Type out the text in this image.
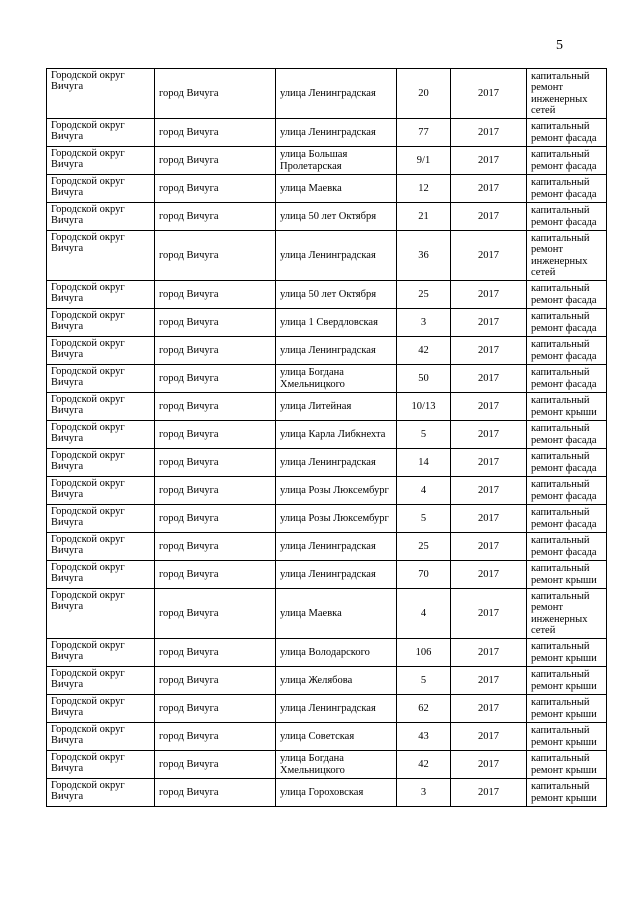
5
Городской округ Вичуга	город Вичуга	улица Ленинградская	20	2017	капитальный ремонт инженерных сетей
Городской округ Вичуга	город Вичуга	улица Ленинградская	77	2017	капитальный ремонт фасада
Городской округ Вичуга	город Вичуга	улица Большая Пролетарская	9/1	2017	капитальный ремонт фасада
Городской округ Вичуга	город Вичуга	улица Маевка	12	2017	капитальный ремонт фасада
Городской округ Вичуга	город Вичуга	улица 50 лет Октября	21	2017	капитальный ремонт фасада
Городской округ Вичуга	город Вичуга	улица Ленинградская	36	2017	капитальный ремонт инженерных сетей
Городской округ Вичуга	город Вичуга	улица 50 лет Октября	25	2017	капитальный ремонт фасада
Городской округ Вичуга	город Вичуга	улица 1 Свердловская	3	2017	капитальный ремонт фасада
Городской округ Вичуга	город Вичуга	улица Ленинградская	42	2017	капитальный ремонт фасада
Городской округ Вичуга	город Вичуга	улица Богдана Хмельницкого	50	2017	капитальный ремонт фасада
Городской округ Вичуга	город Вичуга	улица Литейная	10/13	2017	капитальный ремонт крыши
Городской округ Вичуга	город Вичуга	улица Карла Либкнехта	5	2017	капитальный ремонт фасада
Городской округ Вичуга	город Вичуга	улица Ленинградская	14	2017	капитальный ремонт фасада
Городской округ Вичуга	город Вичуга	улица Розы Люксембург	4	2017	капитальный ремонт фасада
Городской округ Вичуга	город Вичуга	улица Розы Люксембург	5	2017	капитальный ремонт фасада
Городской округ Вичуга	город Вичуга	улица Ленинградская	25	2017	капитальный ремонт фасада
Городской округ Вичуга	город Вичуга	улица Ленинградская	70	2017	капитальный ремонт крыши
Городской округ Вичуга	город Вичуга	улица Маевка	4	2017	капитальный ремонт инженерных сетей
Городской округ Вичуга	город Вичуга	улица Володарского	106	2017	капитальный ремонт крыши
Городской округ Вичуга	город Вичуга	улица Желябова	5	2017	капитальный ремонт крыши
Городской округ Вичуга	город Вичуга	улица Ленинградская	62	2017	капитальный ремонт крыши
Городской округ Вичуга	город Вичуга	улица Советская	43	2017	капитальный ремонт крыши
Городской округ Вичуга	город Вичуга	улица Богдана Хмельницкого	42	2017	капитальный ремонт крыши
Городской округ Вичуга	город Вичуга	улица Гороховская	3	2017	капитальный ремонт крыши
